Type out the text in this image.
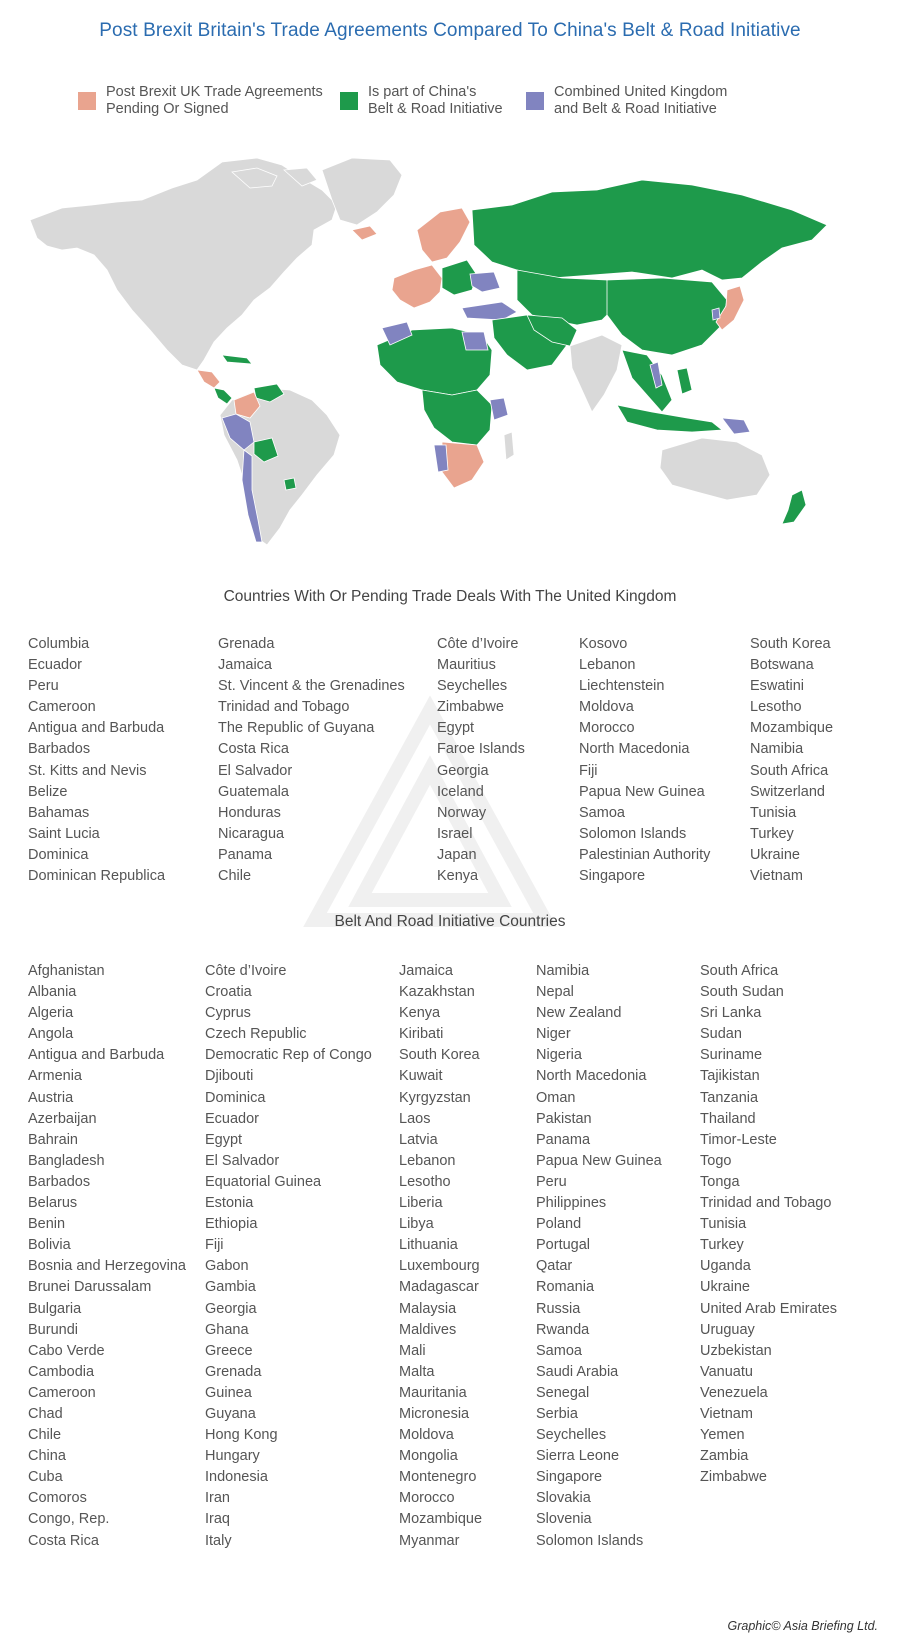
Post Brexit Britain's Trade Agreements Compared To China's Belt & Road Initiative
Post Brexit UK Trade Agreements
Pending Or Signed
Is part of China's
Belt & Road Initiative
Combined United Kingdom
and Belt & Road Initiative
Countries With Or Pending Trade Deals With The United Kingdom
Columbia
Ecuador
Peru
Cameroon
Antigua and Barbuda
Barbados
St. Kitts and Nevis
Belize
Bahamas
Saint Lucia
Dominica
Dominican Republica
Grenada
Jamaica
St. Vincent & the Grenadines
Trinidad and Tobago
The Republic of Guyana
Costa Rica
El Salvador
Guatemala
Honduras
Nicaragua
Panama
Chile
Côte d’Ivoire
Mauritius
Seychelles
Zimbabwe
Egypt
Faroe Islands
Georgia
Iceland
Norway
Israel
Japan
Kenya
Kosovo
Lebanon
Liechtenstein
Moldova
Morocco
North Macedonia
Fiji
Papua New Guinea
Samoa
Solomon Islands
Palestinian Authority
Singapore
South Korea
Botswana
Eswatini
Lesotho
Mozambique
Namibia
South Africa
Switzerland
Tunisia
Turkey
Ukraine
Vietnam
Belt And Road Initiative Countries
Afghanistan
Albania
Algeria
Angola
Antigua and Barbuda
Armenia
Austria
Azerbaijan
Bahrain
Bangladesh
Barbados
Belarus
Benin
Bolivia
Bosnia and Herzegovina
Brunei Darussalam
Bulgaria
Burundi
Cabo Verde
Cambodia
Cameroon
Chad
Chile
China
Cuba
Comoros
Congo, Rep.
Costa Rica
Côte d’Ivoire
Croatia
Cyprus
Czech Republic
Democratic Rep of Congo
Djibouti
Dominica
Ecuador
Egypt
El Salvador
Equatorial Guinea
Estonia
Ethiopia
Fiji
Gabon
Gambia
Georgia
Ghana
Greece
Grenada
Guinea
Guyana
Hong Kong
Hungary
Indonesia
Iran
Iraq
Italy
Jamaica
Kazakhstan
Kenya
Kiribati
South Korea
Kuwait
Kyrgyzstan
Laos
Latvia
Lebanon
Lesotho
Liberia
Libya
Lithuania
Luxembourg
Madagascar
Malaysia
Maldives
Mali
Malta
Mauritania
Micronesia
Moldova
Mongolia
Montenegro
Morocco
Mozambique
Myanmar
Namibia
Nepal
New Zealand
Niger
Nigeria
North Macedonia
Oman
Pakistan
Panama
Papua New Guinea
Peru
Philippines
Poland
Portugal
Qatar
Romania
Russia
Rwanda
Samoa
Saudi Arabia
Senegal
Serbia
Seychelles
Sierra Leone
Singapore
Slovakia
Slovenia
Solomon Islands
South Africa
South Sudan
Sri Lanka
Sudan
Suriname
Tajikistan
Tanzania
Thailand
Timor-Leste
Togo
Tonga
Trinidad and Tobago
Tunisia
Turkey
Uganda
Ukraine
United Arab Emirates
Uruguay
Uzbekistan
Vanuatu
Venezuela
Vietnam
Yemen
Zambia
Zimbabwe
Graphic© Asia Briefing Ltd.
